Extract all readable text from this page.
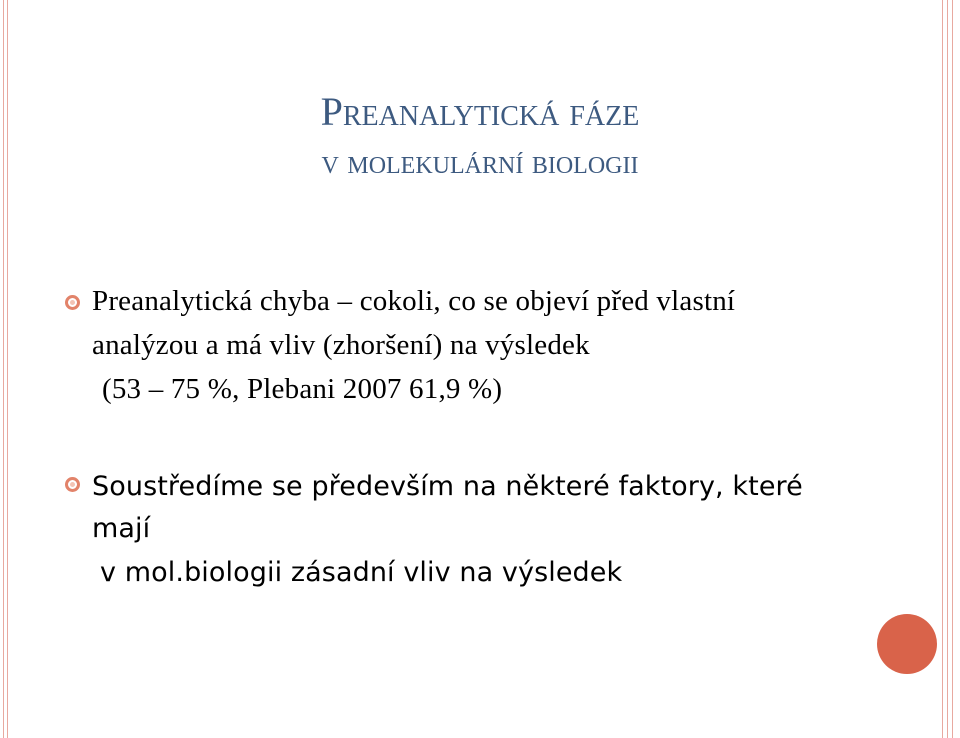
Preanalytická fáze
v molekulární biologii
Preanalytická chyba – cokoli, co se objeví před vlastní
analýzou a má vliv (zhoršení) na výsledek
(53 – 75 %, Plebani 2007 61,9 %)
Soustředíme se především na některé faktory, které
mají
v mol.biologii zásadní vliv na výsledek
